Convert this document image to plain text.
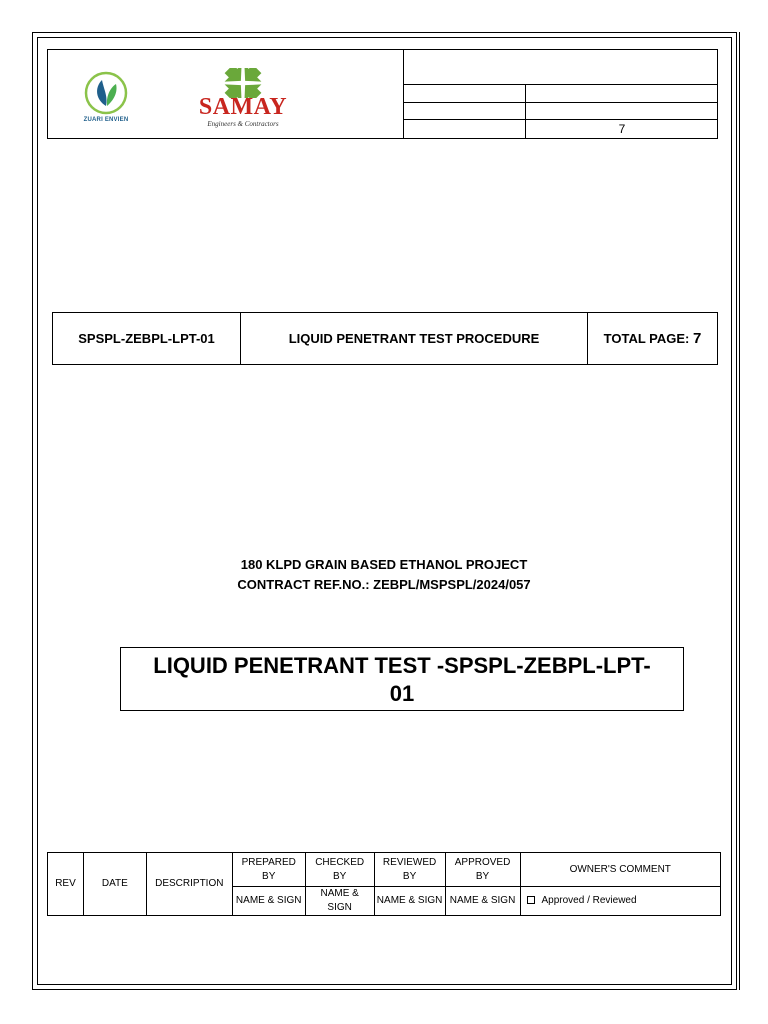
ZUARI ENVIEN	SAMAY
Engineers & Contractors	7
SPSPL-ZEBPL-LPT-01	LIQUID PENETRANT TEST PROCEDURE	TOTAL PAGE: 7
180 KLPD GRAIN BASED ETHANOL PROJECT
CONTRACT REF.NO.: ZEBPL/MSPSPL/2024/057
LIQUID PENETRANT TEST -SPSPL-ZEBPL-LPT-
01
REV	DATE	DESCRIPTION	PREPARED BY	CHECKED BY	REVIEWED BY	APPROVED BY	OWNER'S COMMENT
			NAME & SIGN	NAME & SIGN	NAME & SIGN	NAME & SIGN	Approved / Reviewed
